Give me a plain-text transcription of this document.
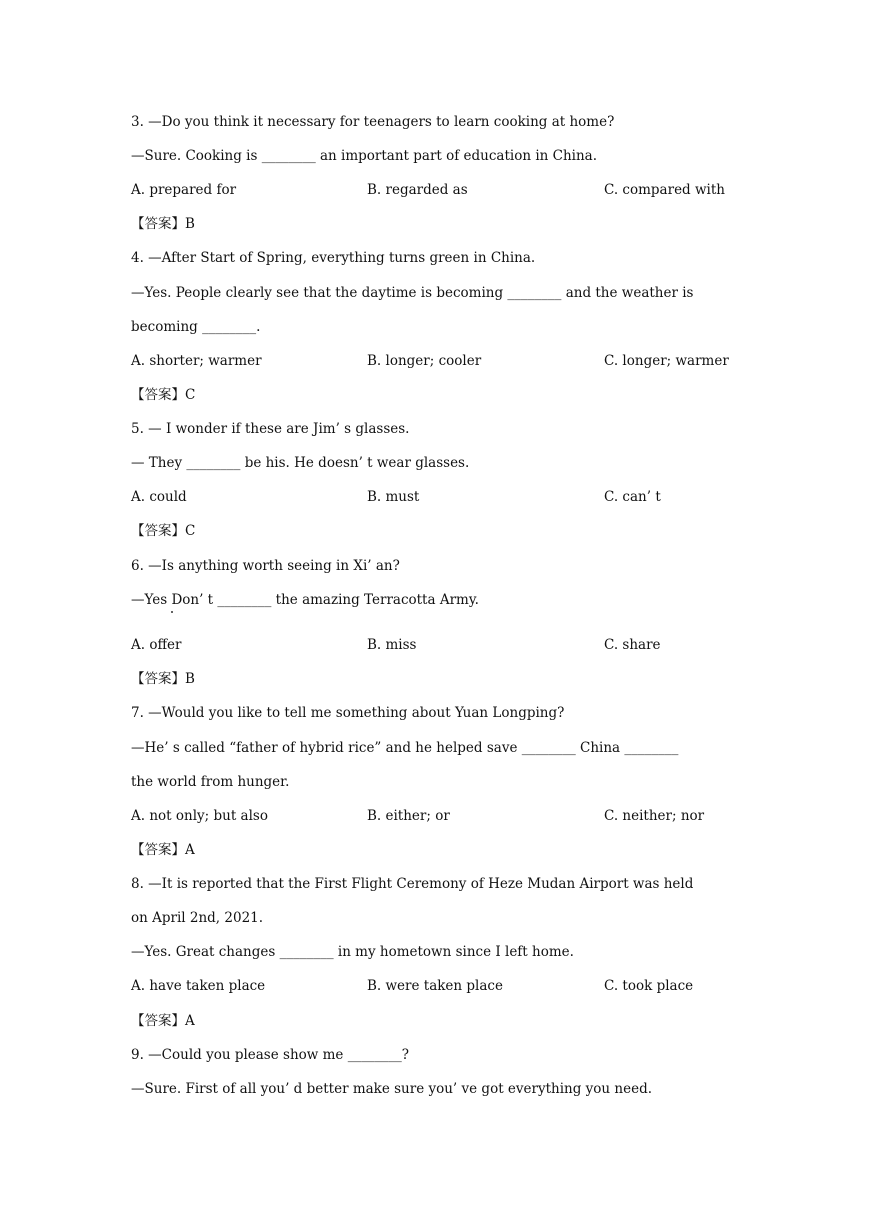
3. —Do you think it necessary for teenagers to learn cooking at home?
—Sure. Cooking is ________ an important part of education in China.
A. prepared for	B. regarded as	C. compared with
【答案】B
4. —After Start of Spring, everything turns green in China.
—Yes. People clearly see that the daytime is becoming ________ and the weather is
becoming ________.
A. shorter; warmer	B. longer; cooler	C. longer; warmer
【答案】C
5. — I wonder if these are Jim’ s glasses.
— They ________ be his. He doesn’ t wear glasses.
A. could	B. must	C. can’ t
【答案】C
6. —Is anything worth seeing in Xi’ an?
—Yes Don’ t ________ the amazing Terracotta Army.
A. offer	B. miss	C. share
【答案】B
7. —Would you like to tell me something about Yuan Longping?
—He’ s called “father of hybrid rice” and he helped save ________ China ________
the world from hunger.
A. not only; but also	B. either; or	C. neither; nor
【答案】A
8. —It is reported that the First Flight Ceremony of Heze Mudan Airport was held
on April 2nd, 2021.
—Yes. Great changes ________ in my hometown since I left home.
A. have taken place	B. were taken place	C. took place
【答案】A
9. —Could you please show me ________?
—Sure. First of all you’ d better make sure you’ ve got everything you need.
